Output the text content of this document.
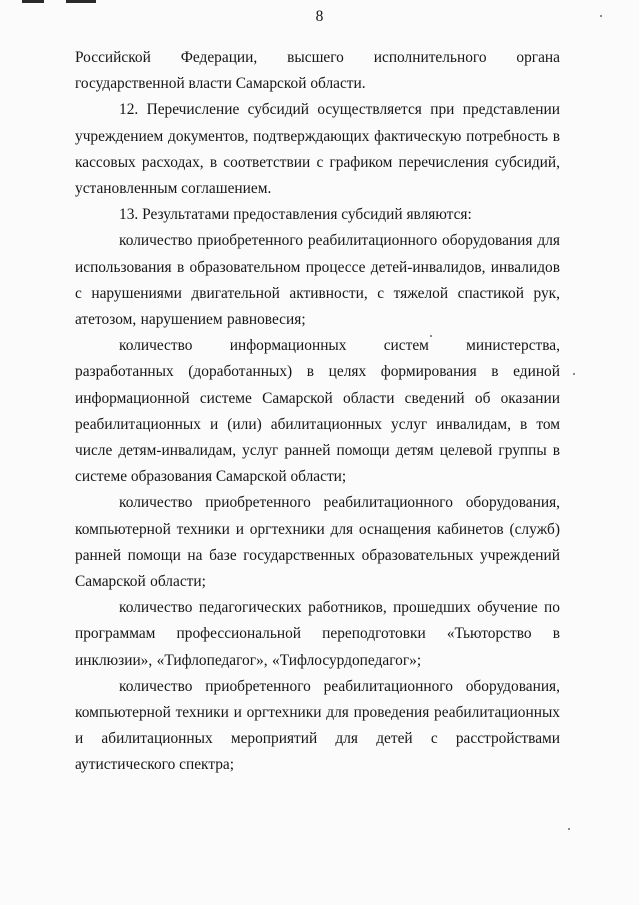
8

Российской Федерации, высшего исполнительного органа государственной власти Самарской области.

12. Перечисление субсидий осуществляется при представлении учреждением документов, подтверждающих фактическую потребность в кассовых расходах, в соответствии с графиком перечисления субсидий, установленным соглашением.

13. Результатами предоставления субсидий являются:

количество приобретенного реабилитационного оборудования для использования в образовательном процессе детей-инвалидов, инвалидов с нарушениями двигательной активности, с тяжелой спастикой рук, атетозом, нарушением равновесия;

количество информационных систем министерства, разработанных (доработанных) в целях формирования в единой информационной системе Самарской области сведений об оказании реабилитационных и (или) абилитационных услуг инвалидам, в том числе детям-инвалидам, услуг ранней помощи детям целевой группы в системе образования Самарской области;

количество приобретенного реабилитационного оборудования, компьютерной техники и оргтехники для оснащения кабинетов (служб) ранней помощи на базе государственных образовательных учреждений Самарской области;

количество педагогических работников, прошедших обучение по программам профессиональной переподготовки «Тьюторство в инклюзии», «Тифлопедагог», «Тифлосурдопедагог»;

количество приобретенного реабилитационного оборудования, компьютерной техники и оргтехники для проведения реабилитационных и абилитационных мероприятий для детей с расстройствами аутистического спектра;
